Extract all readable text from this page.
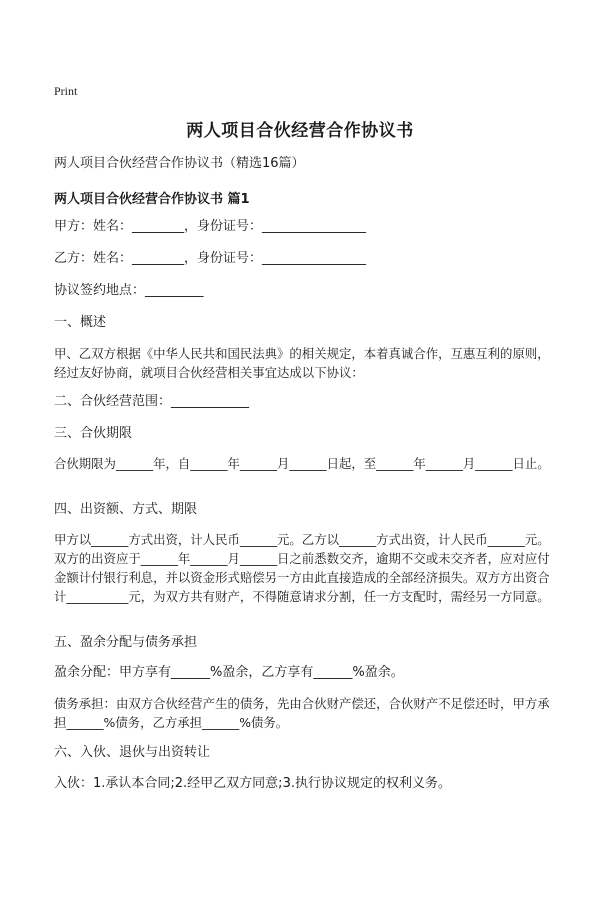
Print
两人项目合伙经营合作协议书
两人项目合伙经营合作协议书（精选16篇）
两人项目合伙经营合作协议书 篇1
甲方：姓名：________，身份证号：________________
乙方：姓名：________，身份证号：________________
协议签约地点：_________
一、概述
甲、乙双方根据《中华人民共和国民法典》的相关规定，本着真诚合作，互惠互利的原则，经过友好协商，就项目合伙经营相关事宜达成以下协议：
二、合伙经营范围：____________
三、合伙期限
合伙期限为______年，自______年______月______日起，至______年______月______日止。
四、出资额、方式、期限
甲方以______方式出资，计人民币______元。乙方以______方式出资，计人民币______元。双方的出资应于______年______月______日之前悉数交齐，逾期不交或未交齐者，应对应付金额计付银行利息，并以资金形式赔偿另一方由此直接造成的全部经济损失。双方方出资合计__________元，为双方共有财产，不得随意请求分割，任一方支配时，需经另一方同意。
五、盈余分配与债务承担
盈余分配：甲方享有______%盈余，乙方享有______%盈余。
债务承担：由双方合伙经营产生的债务，先由合伙财产偿还，合伙财产不足偿还时，甲方承担______%债务，乙方承担______%债务。
六、入伙、退伙与出资转让
入伙：1.承认本合同;2.经甲乙双方同意;3.执行协议规定的权利义务。
